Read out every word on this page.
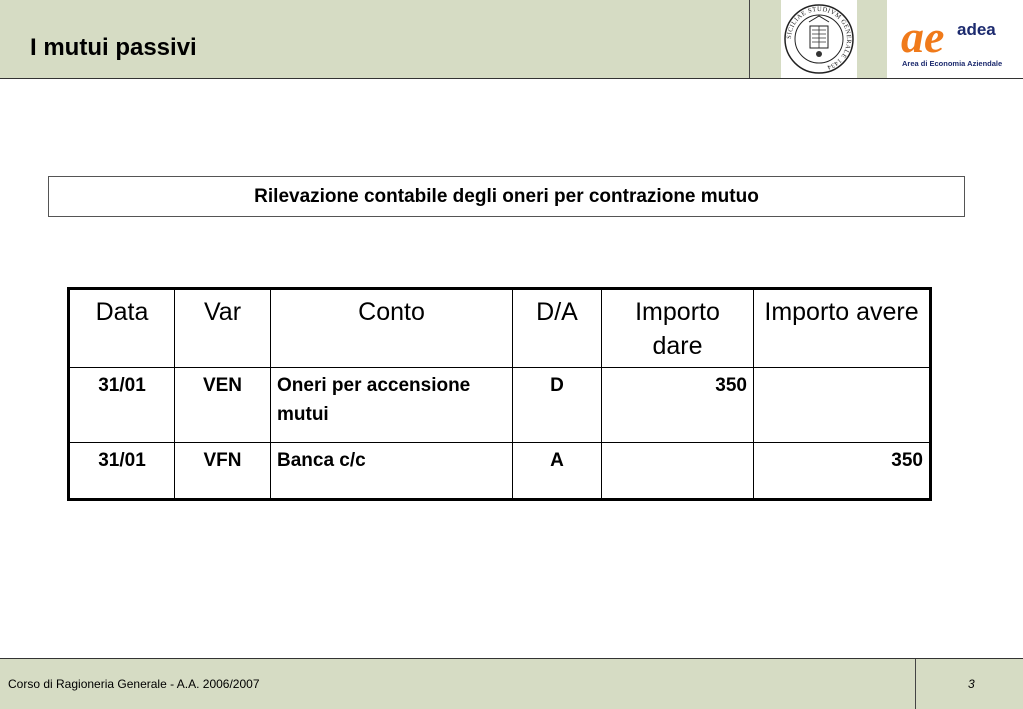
I mutui passivi	SICILIAE STUDIVM GENERALE 1434
ae adea
Area di Economia Aziendale
Rilevazione contabile degli oneri per contrazione mutuo
Data	Var	Conto	D/A	Importo dare	Importo avere
31/01	VEN	Oneri per accensione mutui	D	350	
31/01	VFN	Banca c/c	A		350
Corso di Ragioneria Generale - A.A. 2006/2007	3
